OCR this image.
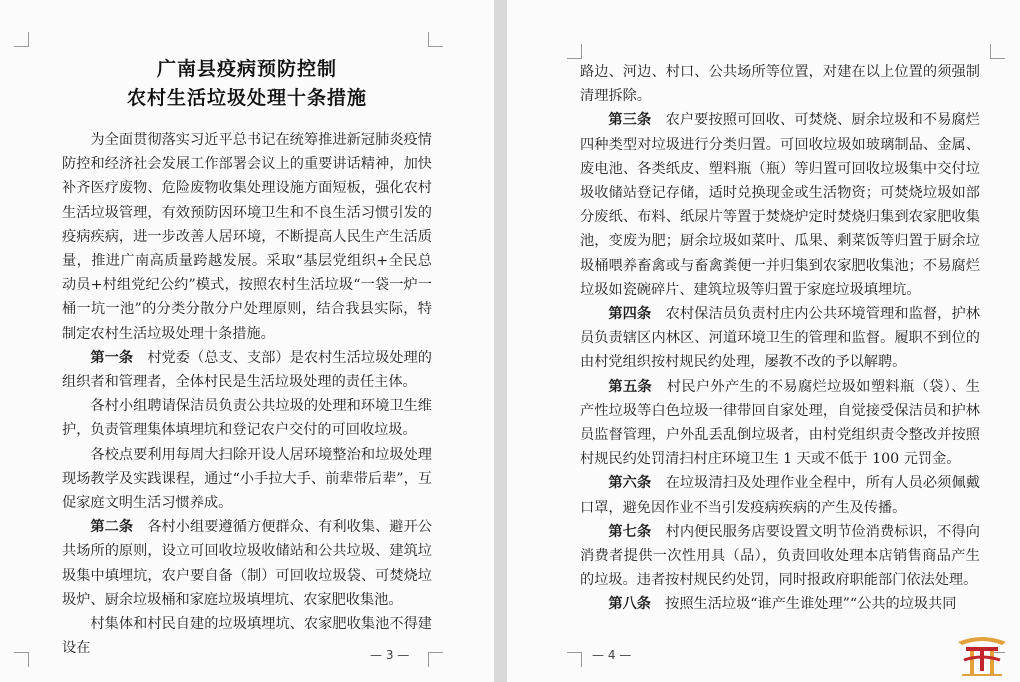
广南县疫病预防控制
农村生活垃圾处理十条措施

为全面贯彻落实习近平总书记在统筹推进新冠肺炎疫情防控和经济社会发展工作部署会议上的重要讲话精神，加快补齐医疗废物、危险废物收集处理设施方面短板，强化农村生活垃圾管理，有效预防因环境卫生和不良生活习惯引发的疫病疾病，进一步改善人居环境，不断提高人民生产生活质量，推进广南高质量跨越发展。采取“基层党组织+全民总动员+村组党纪公约”模式，按照农村生活垃圾“一袋一炉一桶一坑一池”的分类分散分户处理原则，结合我县实际，特制定农村生活垃圾处理十条措施。

第一条　 村党委（总支、支部）是农村生活垃圾处理的组织者和管理者，全体村民是生活垃圾处理的责任主体。

各村小组聘请保洁员负责公共垃圾的处理和环境卫生维护，负责管理集体填埋坑和登记农户交付的可回收垃圾。

各校点要利用每周大扫除开设人居环境整治和垃圾处理现场教学及实践课程，通过“小手拉大手、前辈带后辈”，互促家庭文明生活习惯养成。

第二条　 各村小组要遵循方便群众、有利收集、避开公共场所的原则，设立可回收垃圾收储站和公共垃圾、建筑垃圾集中填埋坑，农户要自备（制）可回收垃圾袋、可焚烧垃圾炉、厨余垃圾桶和家庭垃圾填埋坑、农家肥收集池。

村集体和村民自建的垃圾填埋坑、农家肥收集池不得建设在	— 3 —

路边、河边、村口、公共场所等位置，对建在以上位置的须强制清理拆除。

第三条　 农户要按照可回收、可焚烧、厨余垃圾和不易腐烂四种类型对垃圾进行分类归置。可回收垃圾如玻璃制品、金属、废电池、各类纸皮、塑料瓶（瓶）等归置可回收垃圾集中交付垃圾收储站登记存储，适时兑换现金或生活物资；可焚烧垃圾如部分废纸、布料、纸尿片等置于焚烧炉定时焚烧归集到农家肥收集池，变废为肥；厨余垃圾如菜叶、瓜果、剩菜饭等归置于厨余垃圾桶喂养畜禽或与畜禽粪便一并归集到农家肥收集池；不易腐烂垃圾如瓷碗碎片、建筑垃圾等归置于家庭垃圾填埋坑。

第四条　 农村保洁员负责村庄内公共环境管理和监督，护林员负责辖区内林区、河道环境卫生的管理和监督。履职不到位的由村党组织按村规民约处理，屡教不改的予以解聘。

第五条　 村民户外产生的不易腐烂垃圾如塑料瓶（袋）、生产性垃圾等白色垃圾一律带回自家处理，自觉接受保洁员和护林员监督管理，户外乱丢乱倒垃圾者，由村党组织责令整改并按照村规民约处罚清扫村庄环境卫生 1 天或不低于 100 元罚金。

第六条　 在垃圾清扫及处理作业全程中，所有人员必须佩戴口罩，避免因作业不当引发疫病疾病的产生及传播。

第七条　 村内便民服务店要设置文明节俭消费标识，不得向消费者提供一次性用具（品），负责回收处理本店销售商品产生的垃圾。违者按村规民约处罚，同时报政府职能部门依法处理。

第八条　 按照生活垃圾“谁产生谁处理”“公共的垃圾共同

— 4 —
